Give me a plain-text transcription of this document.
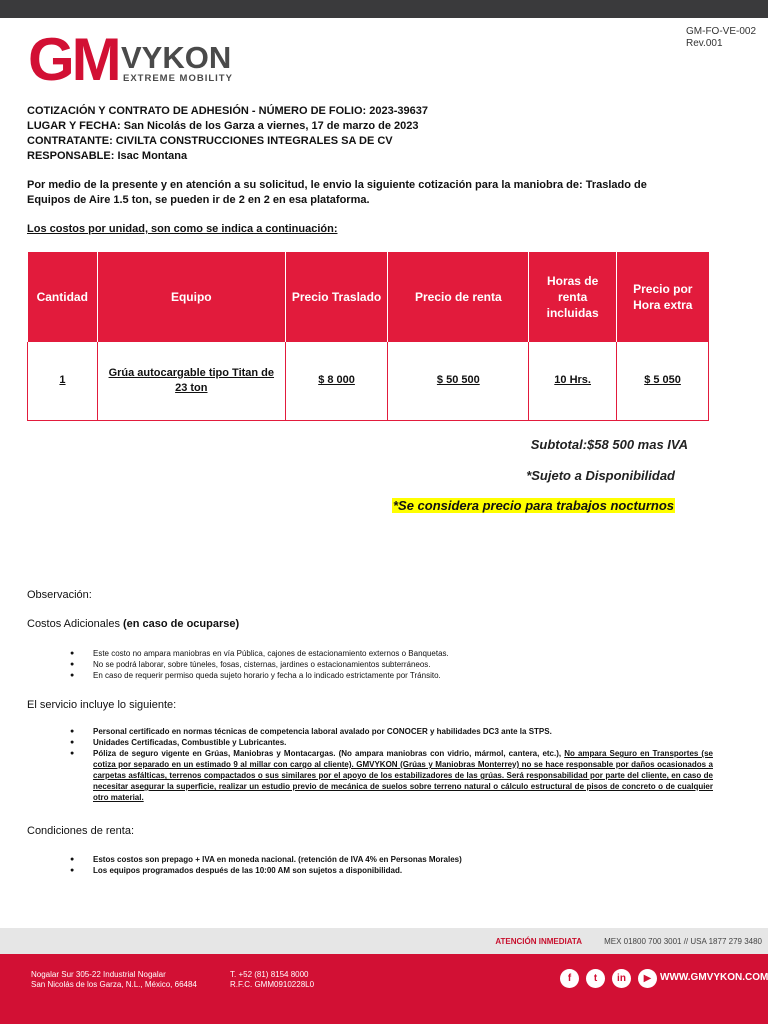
GM VYKON
EXTREME MOBILITY
GM-FO-VE-002
Rev.001
COTIZACIÓN Y CONTRATO DE ADHESIÓN - NÚMERO DE FOLIO: 2023-39637
LUGAR Y FECHA: San Nicolás de los Garza a viernes, 17 de marzo de 2023
CONTRATANTE: CIVILTA CONSTRUCCIONES INTEGRALES SA DE CV
RESPONSABLE: Isac Montana
Por medio de la presente y en atención a su solicitud, le envio la siguiente cotización para la maniobra de: Traslado de Equipos de Aire 1.5 ton, se pueden ir de 2 en 2 en esa plataforma.
Los costos por unidad, son como se indica a continuación:
Cantidad	Equipo	Precio Traslado	Precio de renta	Horas de renta incluidas	Precio por Hora extra
1	Grúa autocargable tipo Titan de 23 ton	$ 8 000	$ 50 500	10 Hrs.	$ 5 050
Subtotal:$58 500 mas IVA
*Sujeto a Disponibilidad
*Se considera precio para trabajos nocturnos
Observación:
Costos Adicionales (en caso de ocuparse)
● Este costo no ampara maniobras en vía Pública, cajones de estacionamiento externos o Banquetas.
● No se podrá laborar, sobre túneles, fosas, cisternas, jardines o estacionamientos subterráneos.
● En caso de requerir permiso queda sujeto horario y fecha a lo indicado estrictamente por Tránsito.
El servicio incluye lo siguiente:
● Personal certificado en normas técnicas de competencia laboral avalado por CONOCER y habilidades DC3 ante la STPS.
● Unidades Certificadas, Combustible y Lubricantes.
● Póliza de seguro vigente en Grúas, Maniobras y Montacargas. (No ampara maniobras con vidrio, mármol, cantera, etc.), No ampara Seguro en Transportes (se cotiza por separado en un estimado 9 al millar con cargo al cliente). GMVYKON (Grúas y Maniobras Monterrey) no se hace responsable por daños ocasionados a carpetas asfálticas, terrenos compactados o sus similares por el apoyo de los estabilizadores de las grúas. Será responsabilidad por parte del cliente, en caso de necesitar asegurar la superficie, realizar un estudio previo de mecánica de suelos sobre terreno natural o cálculo estructural de pisos de concreto o de cualquier otro material.
Condiciones de renta:
● Estos costos son prepago + IVA en moneda nacional. (retención de IVA 4% en Personas Morales)
● Los equipos programados después de las 10:00 AM son sujetos a disponibilidad.
ATENCIÓN INMEDIATA	MEX 01800 700 3001 // USA 1877 279 3480
Nogalar Sur 305-22 Industrial Nogalar
San Nicolás de los Garza, N.L., México, 66484
T. +52 (81) 8154 8000
R.F.C. GMM0910228L0
f	t	in	▶ WWW.GMVYKON.COM
